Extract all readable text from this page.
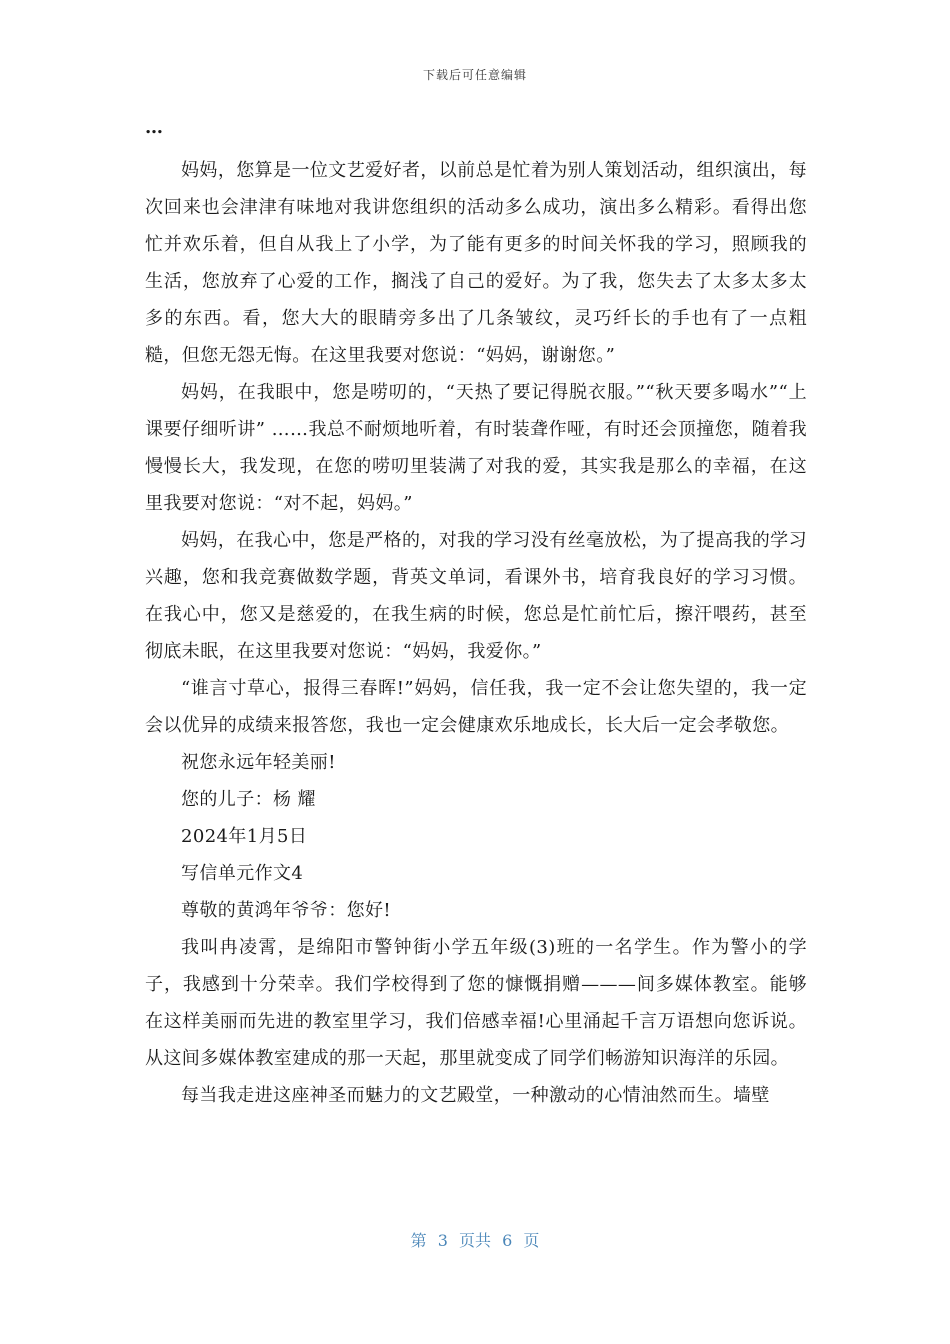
下载后可任意编辑
…

妈妈，您算是一位文艺爱好者，以前总是忙着为别人策划活动，组织演出，每次回来也会津津有味地对我讲您组织的活动多么成功，演出多么精彩。看得出您忙并欢乐着，但自从我上了小学，为了能有更多的时间关怀我的学习，照顾我的生活，您放弃了心爱的工作，搁浅了自己的爱好。为了我，您失去了太多太多太多的东西。看，您大大的眼睛旁多出了几条皱纹，灵巧纤长的手也有了一点粗糙，但您无怨无悔。在这里我要对您说：“妈妈，谢谢您。”

妈妈，在我眼中，您是唠叨的，“天热了要记得脱衣服。”“秋天要多喝水”“上课要仔细听讲” ……我总不耐烦地听着，有时装聋作哑，有时还会顶撞您，随着我慢慢长大，我发现，在您的唠叨里装满了对我的爱，其实我是那么的幸福，在这里我要对您说：“对不起，妈妈。”

妈妈，在我心中，您是严格的，对我的学习没有丝毫放松，为了提高我的学习兴趣，您和我竞赛做数学题，背英文单词，看课外书，培育我良好的学习习惯。在我心中，您又是慈爱的，在我生病的时候，您总是忙前忙后，擦汗喂药，甚至彻底未眠，在这里我要对您说：“妈妈，我爱你。”

“谁言寸草心，报得三春晖!”妈妈，信任我，我一定不会让您失望的，我一定会以优异的成绩来报答您，我也一定会健康欢乐地成长，长大后一定会孝敬您。

祝您永远年轻美丽!

您的儿子：杨 耀

2024年1月5日

写信单元作文4

尊敬的黄鸿年爷爷：您好!

我叫冉凌霄，是绵阳市警钟街小学五年级(3)班的一名学生。作为警小的学子，我感到十分荣幸。我们学校得到了您的慷慨捐赠———间多媒体教室。能够在这样美丽而先进的教室里学习，我们倍感幸福!心里涌起千言万语想向您诉说。从这间多媒体教室建成的那一天起，那里就变成了同学们畅游知识海洋的乐园。

每当我走进这座神圣而魅力的文艺殿堂，一种激动的心情油然而生。墙壁

第 3 页共 6 页
